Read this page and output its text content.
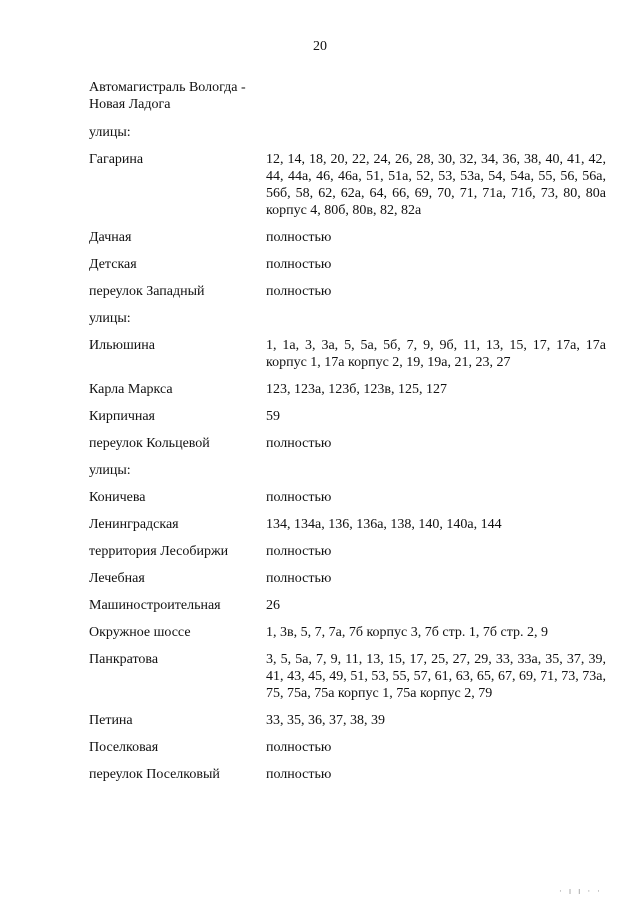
20
Автомагистраль Вологда -
Новая Ладога
улицы:
Гагарина	12, 14, 18, 20, 22, 24, 26, 28, 30, 32, 34, 36, 38, 40, 41, 42, 44, 44а, 46, 46а, 51, 51а, 52, 53, 53а, 54, 54а, 55, 56, 56а, 56б, 58, 62, 62а, 64, 66, 69, 70, 71, 71а, 71б, 73, 80, 80а корпус 4, 80б, 80в, 82, 82а
Дачная	полностью
Детская	полностью
переулок Западный	полностью
улицы:
Ильюшина	1, 1а, 3, 3а, 5, 5а, 5б, 7, 9, 9б, 11, 13, 15, 17, 17а, 17а корпус 1, 17а корпус 2, 19, 19а, 21, 23, 27
Карла Маркса	123, 123а, 123б, 123в, 125, 127
Кирпичная	59
переулок Кольцевой	полностью
улицы:
Коничева	полностью
Ленинградская	134, 134а, 136, 136а, 138, 140, 140а, 144
территория Лесобиржи	полностью
Лечебная	полностью
Машиностроительная	26
Окружное шоссе	1, 3в, 5, 7, 7а, 7б корпус 3, 7б стр. 1, 7б стр. 2, 9
Панкратова	3, 5, 5а, 7, 9, 11, 13, 15, 17, 25, 27, 29, 33, 33а, 35, 37, 39, 41, 43, 45, 49, 51, 53, 55, 57, 61, 63, 65, 67, 69, 71, 73, 73а, 75, 75а, 75а корпус 1, 75а корпус 2, 79
Петина	33, 35, 36, 37, 38, 39
Поселковая	полностью
переулок Поселковый	полностью
· ı ı · ·
